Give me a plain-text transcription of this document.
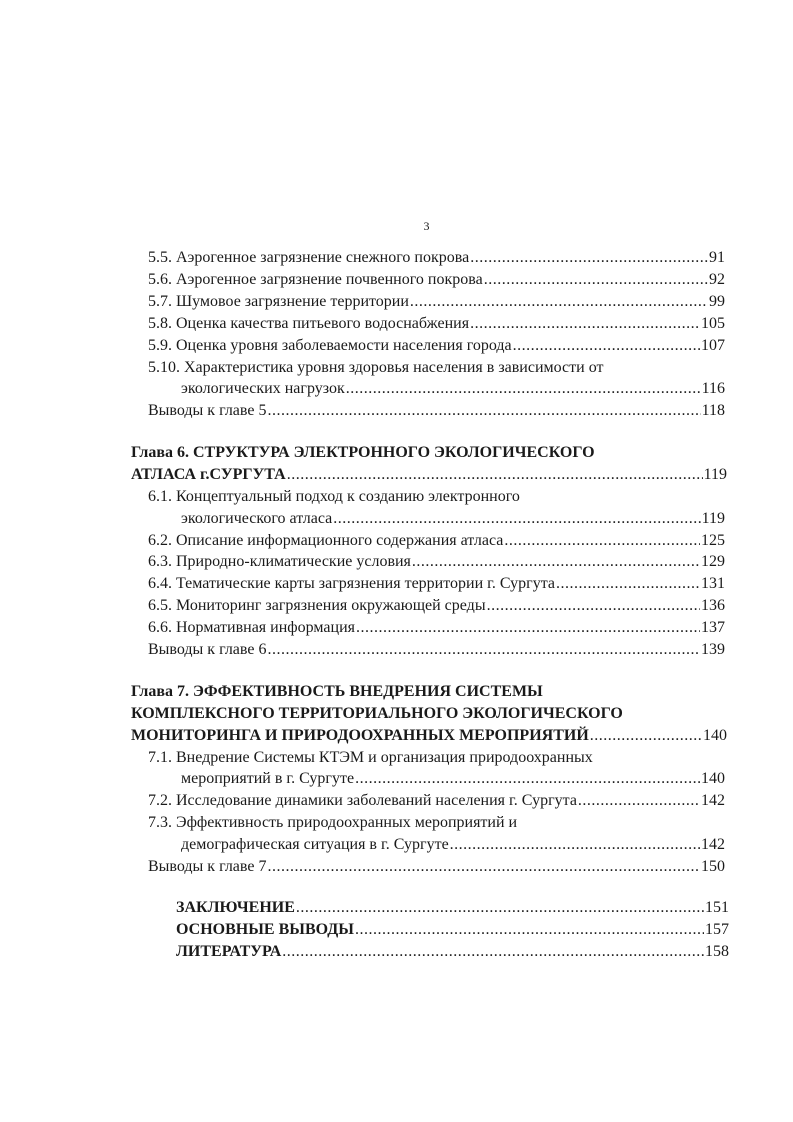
3
5.5. Аэрогенное загрязнение снежного покрова .....	91
5.6. Аэрогенное загрязнение почвенного покрова .....	92
5.7. Шумовое загрязнение территории .....	99
5.8. Оценка качества питьевого водоснабжения .....	105
5.9. Оценка уровня заболеваемости населения города .....	107
5.10. Характеристика уровня здоровья населения в зависимости от
экологических нагрузок .....	116
Выводы к главе 5 .....	118
Глава 6. СТРУКТУРА ЭЛЕКТРОННОГО ЭКОЛОГИЧЕСКОГО
АТЛАСА г.СУРГУТА .....	119
6.1. Концептуальный подход к созданию электронного
экологического атласа .....	119
6.2. Описание информационного содержания атласа .....	125
6.3. Природно-климатические условия .....	129
6.4. Тематические карты загрязнения территории г. Сургута .....	131
6.5. Мониторинг загрязнения окружающей среды .....	136
6.6. Нормативная информация .....	137
Выводы к главе 6 .....	139
Глава 7. ЭФФЕКТИВНОСТЬ ВНЕДРЕНИЯ СИСТЕМЫ
КОМПЛЕКСНОГО ТЕРРИТОРИАЛЬНОГО ЭКОЛОГИЧЕСКОГО
МОНИТОРИНГА И ПРИРОДООХРАННЫХ МЕРОПРИЯТИЙ .....	140
7.1. Внедрение Системы КТЭМ и организация природоохранных
мероприятий в г. Сургуте .....	140
7.2. Исследование динамики заболеваний населения г. Сургута .....	142
7.3. Эффективность природоохранных мероприятий и
демографическая ситуация в г. Сургуте .....	142
Выводы к главе 7 .....	150
ЗАКЛЮЧЕНИЕ .....	151
ОСНОВНЫЕ ВЫВОДЫ .....	157
ЛИТЕРАТУРА .....	158
